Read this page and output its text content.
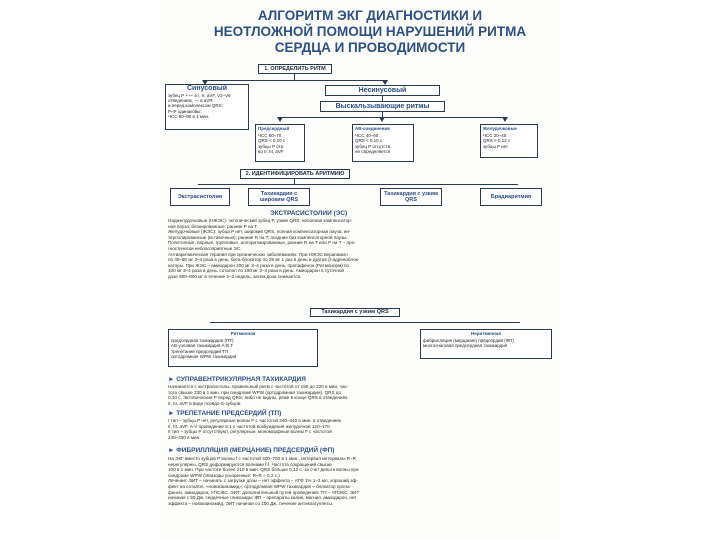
АЛГОРИТМ ЭКГ ДИАГНОСТИКИ И
НЕОТЛОЖНОЙ ПОМОЩИ НАРУШЕНИЙ РИТМА
СЕРДЦА И ПРОВОДИМОСТИ
1. ОПРЕДЕЛИТЬ РИТМ
Синусовый
зубец P +++ в I, II, aVF, V2–V6
отведениях, — в aVR
и перед комплексом QRS;
P–P одинаковы;
ЧСС 60–90 в 1 мин.
Несинусовый
Выскальзывающие ритмы
Предсердный
ЧСС 60–70
QRS < 0,10 с
зубцы P отр.
во II, III, aVF
AB-соединения
ЧСС 40–60
QRS < 0,10 с
зубец P отсутств.
не определяется
Желудочковые
ЧСС 20–40
QRS > 0,12 с
зубцы P нет
2. ИДЕНТИФИЦИРОВАТЬ АРИТМИЮ
Экстрасистолия	Тахикардия с широким QRS
Тахикардия с узким QRS	Брадиаритмия
ЭКСТРАСИСТОЛИИ (ЭС)
Наджелудочковые (НЖЭС): эктопический зубец P, узкие QRS, неполная компенсатор-
ная пауза; блокированные: ранние P на T.
Желудочковые (ЖЭС): зубца P нет, широкий QRS, полная компенсаторная пауза; ин-
терполированные (вставочные); ранние R на T; поздние без компенсаторной паузы.
Политопные, парные, групповые, аллоритмированные, ранние R на T или P на T – про-
гностически неблагоприятные ЭС.
Антиаритмическая терапия при органических заболеваниях: При НЖЭС верапамил
по 40–80 мг 3–4 раза в день, бета-блокатор по 25 мг 1 раз в день и другие β-адреноблок-
каторы. При ЖЭС – амиодарон 200 мг 3–4 раза в день, пропафенон (Ритмонорм) по
100 мг 3–4 раза в день, соталол по 160 мг 3–4 раза в день. Амиодарон в суточной
дозе 600–800 мг в течение 2–3 недель, затем доза снижается.
Тахикардия с узким QRS
Ритмичная
предсердная тахикардия (ПТ)
AB-узловая тахикардия А-В Т
трепетание предсердий ТП
ортодромная WPW тахикардия
Неритмичная
фибрилляция (мерцание) предсердий (ФП)
многоочаговая предсердная тахикардия
► СУПРАВЕНТРИКУЛЯРНАЯ ТАХИКАРДИЯ
Начинается с экстрасистолы, правильный ритм с частотой от 150 до 220 в мин, час-
тота свыше 230 в 1 мин. при синдроме WPW (ортодромная тахикардия). QRS до
0,10 с. Эктопические P перед QRS, либо не видны, реже в конце QRS в отведениях
II, III, aVF в виде псевдо-S-зубцов.
► ТРЕПЕТАНИЕ ПРЕДСЕРДИЙ (ТП)
I тип – зубцы P нет, регулярные волны F с частотой 240–340 в мин. в отведениях
II, III, aVF. A-V проведение 2:1 с частотой возбуждения желудочков 120–170
II тип – зубцы P отсутствуют, регулярные, мономорфные волны F с частотой
240–430 в мин.
► ФИБРИЛЛЯЦИЯ (МЕРЦАНИЕ) ПРЕДСЕРДИЙ (ФП)
На ЭКГ вместо зубцов P волны f с частотой 400–700 в 1 мин., интервал интервалы R–R
нерегулярны. QRS деформируются волнами f-f. Частота сокращений свыше
100 в 1 мин. При частоте более 210 в мин. QRS больше 0,12 с. за счет дельта волны при
синдроме WPW (Эпизоды ускоренные: R–R = 0,2 с.)
Лечение: ЭИТ – начинать с загрузки дозы – нет эффекта – АТФ 1% 1–3 мл, хороший эф-
фект на соталол, «новокаинамид», ортодромная WPW тахикардия – блокатор пропа-
фенон, амиодарон, УПСЖС. ЭИТ: дополнительный путей проведения: ТП – ЧПЭКС, ЭИТ
начиная с 50 Дж, сердечные гликозиды; ФП – препараты калия, магния, амиодарон, нет
эффекта – новокаинамид, ЭИТ начиная со 100 Дж, лечение антикоагулянты.
